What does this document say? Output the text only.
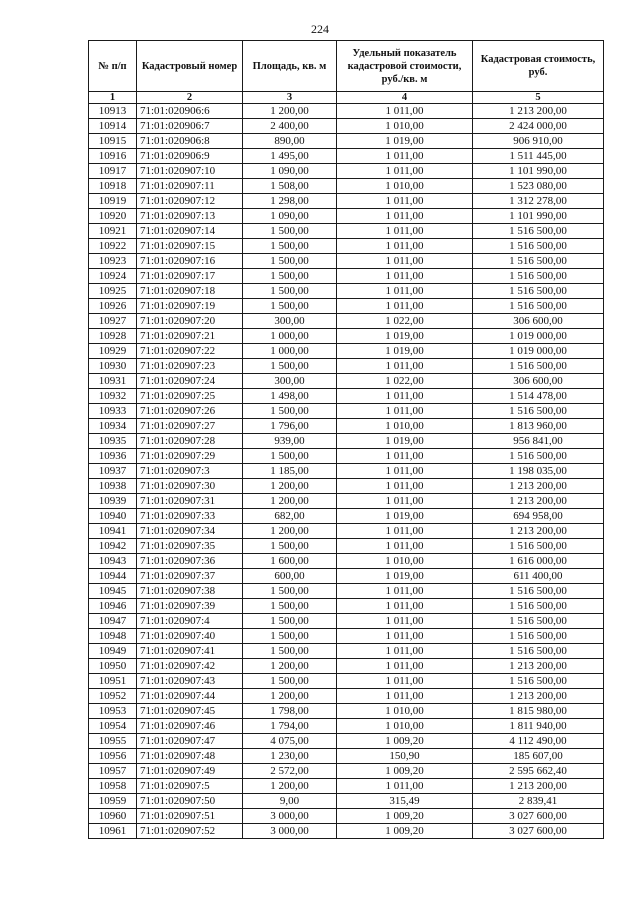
224
№ п/п	Кадастровый номер	Площадь, кв. м	Удельный показатель кадастровой стоимости, руб./кв. м	Кадастровая стоимость, руб.
1	2	3	4	5
10913	71:01:020906:6	1 200,00	1 011,00	1 213 200,00
10914	71:01:020906:7	2 400,00	1 010,00	2 424 000,00
10915	71:01:020906:8	890,00	1 019,00	906 910,00
10916	71:01:020906:9	1 495,00	1 011,00	1 511 445,00
10917	71:01:020907:10	1 090,00	1 011,00	1 101 990,00
10918	71:01:020907:11	1 508,00	1 010,00	1 523 080,00
10919	71:01:020907:12	1 298,00	1 011,00	1 312 278,00
10920	71:01:020907:13	1 090,00	1 011,00	1 101 990,00
10921	71:01:020907:14	1 500,00	1 011,00	1 516 500,00
10922	71:01:020907:15	1 500,00	1 011,00	1 516 500,00
10923	71:01:020907:16	1 500,00	1 011,00	1 516 500,00
10924	71:01:020907:17	1 500,00	1 011,00	1 516 500,00
10925	71:01:020907:18	1 500,00	1 011,00	1 516 500,00
10926	71:01:020907:19	1 500,00	1 011,00	1 516 500,00
10927	71:01:020907:20	300,00	1 022,00	306 600,00
10928	71:01:020907:21	1 000,00	1 019,00	1 019 000,00
10929	71:01:020907:22	1 000,00	1 019,00	1 019 000,00
10930	71:01:020907:23	1 500,00	1 011,00	1 516 500,00
10931	71:01:020907:24	300,00	1 022,00	306 600,00
10932	71:01:020907:25	1 498,00	1 011,00	1 514 478,00
10933	71:01:020907:26	1 500,00	1 011,00	1 516 500,00
10934	71:01:020907:27	1 796,00	1 010,00	1 813 960,00
10935	71:01:020907:28	939,00	1 019,00	956 841,00
10936	71:01:020907:29	1 500,00	1 011,00	1 516 500,00
10937	71:01:020907:3	1 185,00	1 011,00	1 198 035,00
10938	71:01:020907:30	1 200,00	1 011,00	1 213 200,00
10939	71:01:020907:31	1 200,00	1 011,00	1 213 200,00
10940	71:01:020907:33	682,00	1 019,00	694 958,00
10941	71:01:020907:34	1 200,00	1 011,00	1 213 200,00
10942	71:01:020907:35	1 500,00	1 011,00	1 516 500,00
10943	71:01:020907:36	1 600,00	1 010,00	1 616 000,00
10944	71:01:020907:37	600,00	1 019,00	611 400,00
10945	71:01:020907:38	1 500,00	1 011,00	1 516 500,00
10946	71:01:020907:39	1 500,00	1 011,00	1 516 500,00
10947	71:01:020907:4	1 500,00	1 011,00	1 516 500,00
10948	71:01:020907:40	1 500,00	1 011,00	1 516 500,00
10949	71:01:020907:41	1 500,00	1 011,00	1 516 500,00
10950	71:01:020907:42	1 200,00	1 011,00	1 213 200,00
10951	71:01:020907:43	1 500,00	1 011,00	1 516 500,00
10952	71:01:020907:44	1 200,00	1 011,00	1 213 200,00
10953	71:01:020907:45	1 798,00	1 010,00	1 815 980,00
10954	71:01:020907:46	1 794,00	1 010,00	1 811 940,00
10955	71:01:020907:47	4 075,00	1 009,20	4 112 490,00
10956	71:01:020907:48	1 230,00	150,90	185 607,00
10957	71:01:020907:49	2 572,00	1 009,20	2 595 662,40
10958	71:01:020907:5	1 200,00	1 011,00	1 213 200,00
10959	71:01:020907:50	9,00	315,49	2 839,41
10960	71:01:020907:51	3 000,00	1 009,20	3 027 600,00
10961	71:01:020907:52	3 000,00	1 009,20	3 027 600,00
